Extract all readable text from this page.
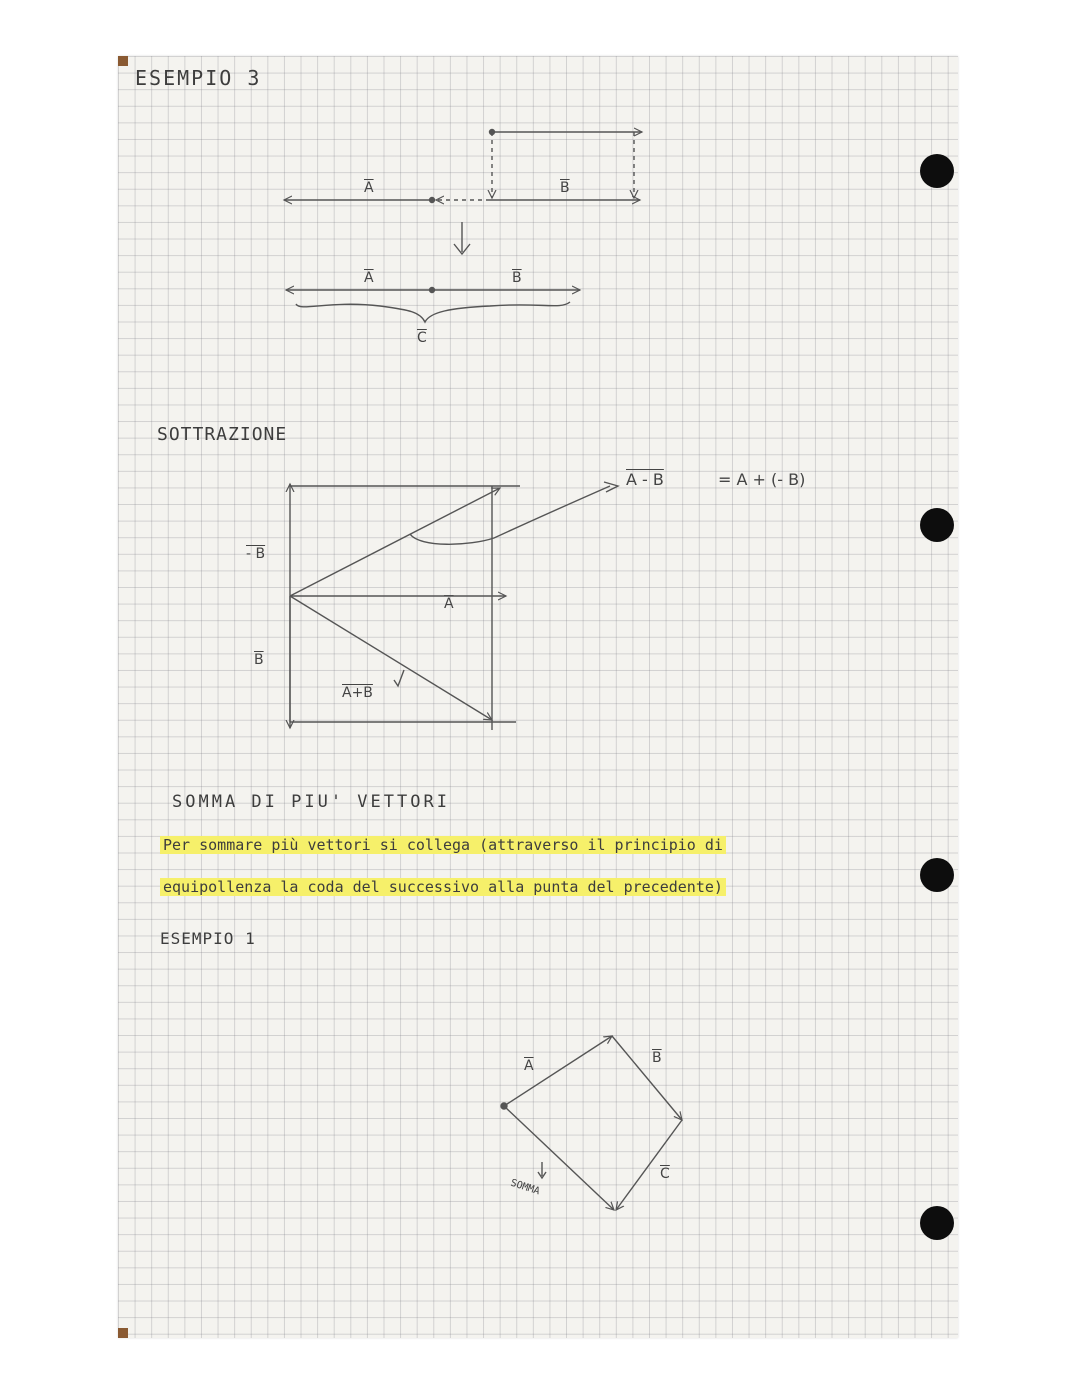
ESEMPIO 3
SOTTRAZIONE
SOMMA DI PIU' VETTORI
ESEMPIO 1
Per sommare più vettori si collega (attraverso il principio di
equipollenza la coda del successivo alla punta del precedente)
$\overline{A}$	$\overline{B}$
$\overline{A}$	$\overline{B}$
$\overline{C}$
- B
$\overline{B}$
$\overline{A}$
A+B
A - B	= A + (- B)
$\overline{A}$	$\overline{B}$
$\overline{C}$
SOMMA
